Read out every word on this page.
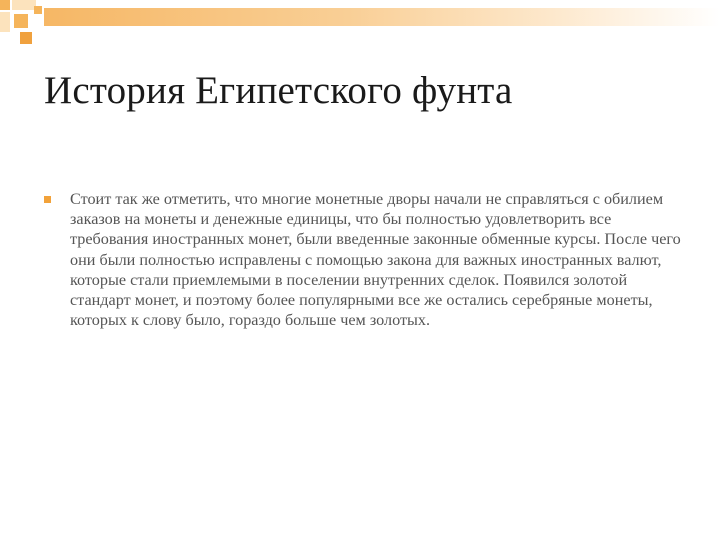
История Египетского фунта

Стоит так же отметить, что многие монетные дворы начали не справляться с обилием заказов на монеты и денежные единицы, что бы полностью удовлетворить все требования иностранных монет, были введенные законные обменные курсы. После чего они были полностью исправлены с помощью закона для важных иностранных валют, которые стали приемлемыми в поселении внутренних сделок. Появился золотой стандарт монет, и поэтому более популярными все же остались серебряные монеты, которых к слову было, гораздо больше чем золотых.
